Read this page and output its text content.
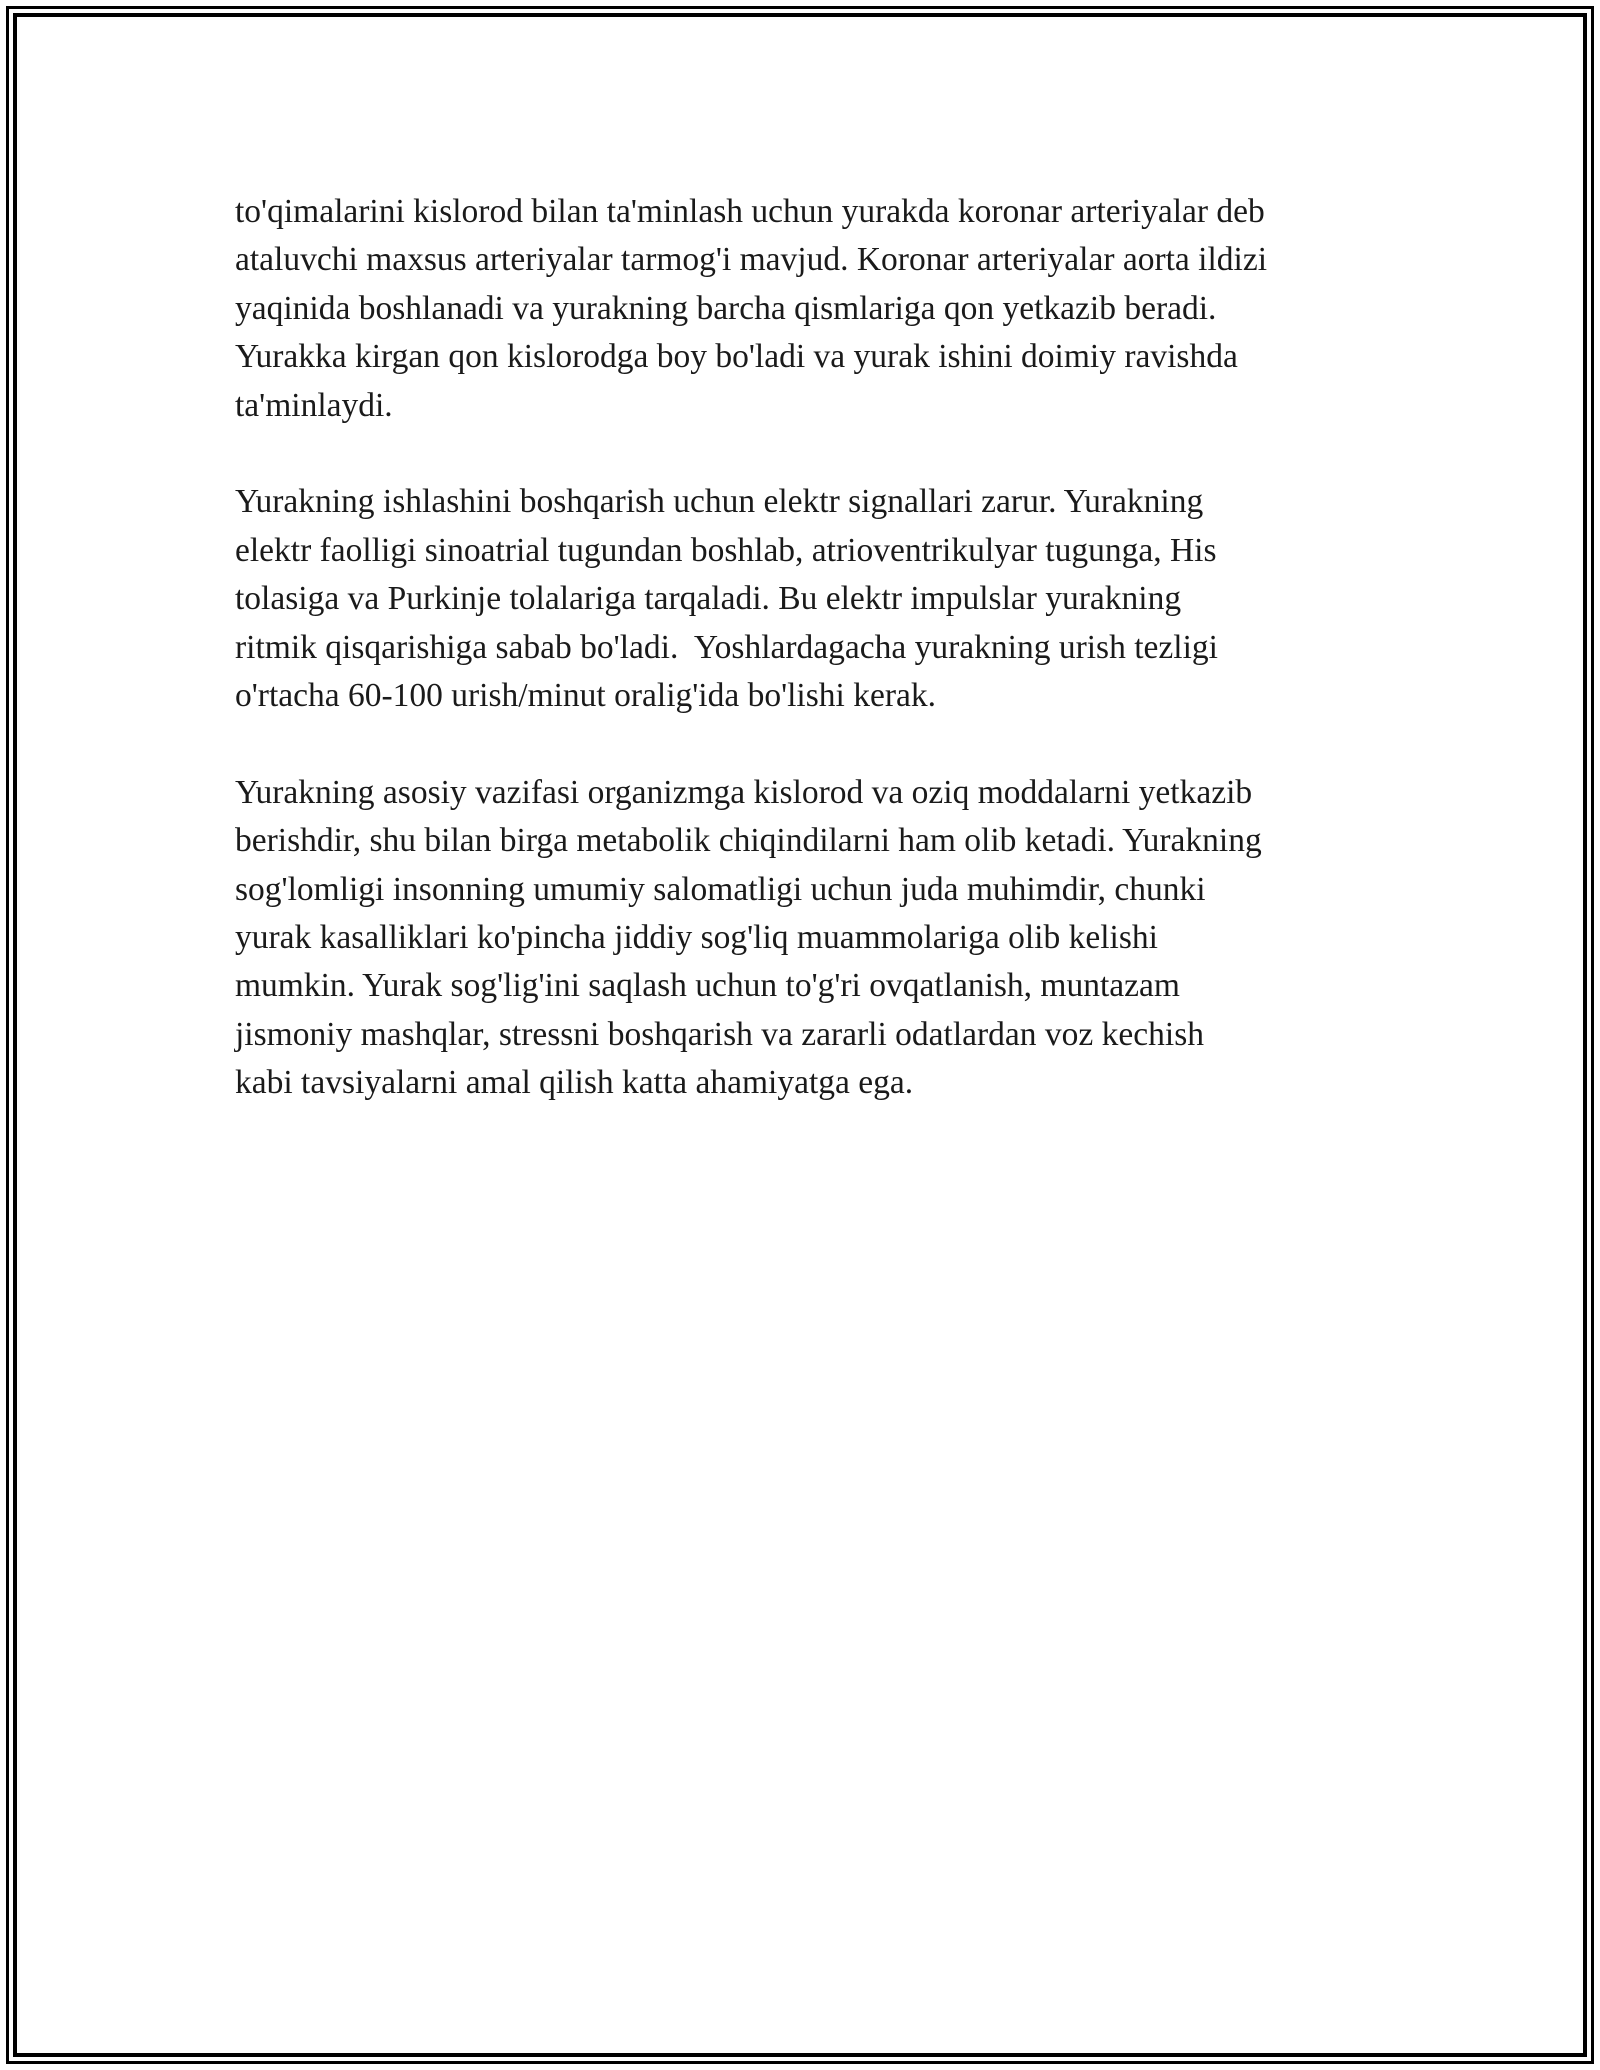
to'qimalarini kislorod bilan ta'minlash uchun yurakda koronar arteriyalar deb
ataluvchi maxsus arteriyalar tarmog'i mavjud. Koronar arteriyalar aorta ildizi
yaqinida boshlanadi va yurakning barcha qismlariga qon yetkazib beradi.
Yurakka kirgan qon kislorodga boy bo'ladi va yurak ishini doimiy ravishda
ta'minlaydi.

Yurakning ishlashini boshqarish uchun elektr signallari zarur. Yurakning
elektr faolligi sinoatrial tugundan boshlab, atrioventrikulyar tugunga, His
tolasiga va Purkinje tolalariga tarqaladi. Bu elektr impulslar yurakning
ritmik qisqarishiga sabab bo'ladi.  Yoshlardagacha yurakning urish tezligi
o'rtacha 60-100 urish/minut oralig'ida bo'lishi kerak.

Yurakning asosiy vazifasi organizmga kislorod va oziq moddalarni yetkazib
berishdir, shu bilan birga metabolik chiqindilarni ham olib ketadi. Yurakning
sog'lomligi insonning umumiy salomatligi uchun juda muhimdir, chunki
yurak kasalliklari ko'pincha jiddiy sog'liq muammolariga olib kelishi
mumkin. Yurak sog'lig'ini saqlash uchun to'g'ri ovqatlanish, muntazam
jismoniy mashqlar, stressni boshqarish va zararli odatlardan voz kechish
kabi tavsiyalarni amal qilish katta ahamiyatga ega.
